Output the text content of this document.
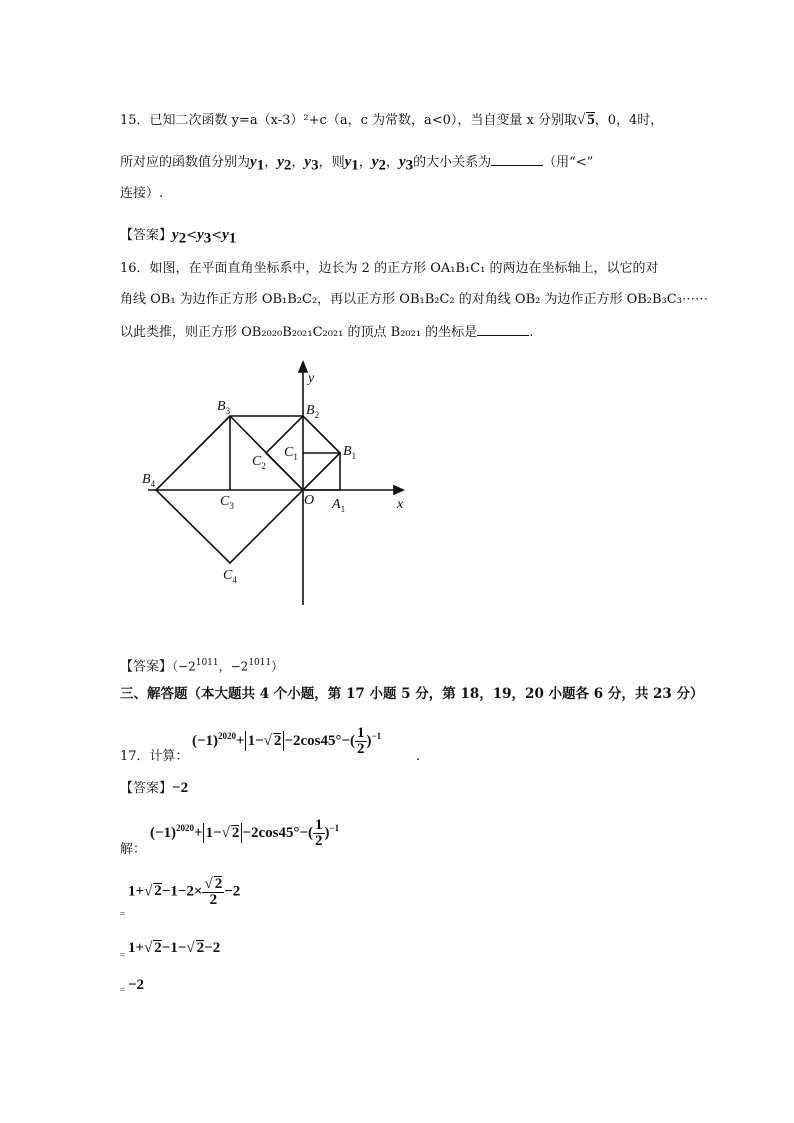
15．已知二次函数 y=a（x-3）²+c（a，c 为常数，a<0），当自变量 x 分别取√ 5，0，4时，
所对应的函数值分别为$y_1$，$y_2$，$y_3$，则$y_1$，$y_2$，$y_3$的大小关系为	（用“<”
连接）.
【答案】$y_2<y_3<y_1$
16．如图，在平面直角坐标系中，边长为 2 的正方形 OA₁B₁C₁ 的两边在坐标轴上，以它的对
角线 OB₁ 为边作正方形 OB₁B₂C₂，再以正方形 OB₁B₂C₂ 的对角线 OB₂ 为边作正方形 OB₂B₃C₃⋯⋯
以此类推，则正方形 OB₂₀₂₀B₂₀₂₁C₂₀₂₁ 的顶点 B₂₀₂₁ 的坐标是	.
y
x
O
$B_1$
$B_2$
$B_3$
$B_4$
$C_1$
$C_2$
$C_3$
$C_4$
$A_1$
【答案】（$-2^{1011}$，$-2^{1011}$）
三、解答题（本大题共 4 个小题，第 17 小题 5 分，第 18，19，20 小题各 6 分，共 23 分）
17．计算：
$(-1)^{2020}+ 1-√$ $2 -2\cos 45^\circ-( \frac{1}{2} )^{-1}$
.
【答案】−2
解：
$(-1)^{2020}+ 1-√$ $2 -2\cos 45^\circ-( \frac{1}{2} )^{-1}$
=
1+√ $2-1-2\times \frac{√ 2}{2} -2$
= 1+√ 2−1−√ 2−2
= −2
